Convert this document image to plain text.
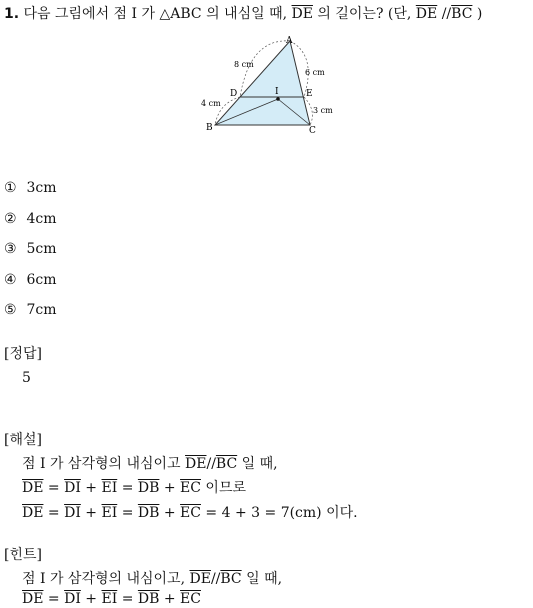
1. 다음 그림에서 점 I 가 △ABC 의 내심일 때, $\overline{DE}$ 의 길이는? (단, $\overline{DE}$ $//\overline{BC}$ )
A
B	C
D	E
I
8 cm
6 cm
4 cm
3 cm
① 3cm
② 4cm
③ 5cm
④ 6cm
⑤ 7cm
[정답]
5
[해설]
점 I 가 삼각형의 내심이고 $\overline{DE}//\overline{BC}$ 일 때,
$\overline{DE} = \overline{DI} + \overline{EI} = \overline{DB} + \overline{EC}$ 이므로
$\overline{DE} = \overline{DI} + \overline{EI} = \overline{DB} + \overline{EC} = 4 + 3 = 7(cm)$ 이다.
[힌트]
점 I 가 삼각형의 내심이고, $\overline{DE}//\overline{BC}$ 일 때,
$\overline{DE} = \overline{DI} + \overline{EI} = \overline{DB} + \overline{EC}$
